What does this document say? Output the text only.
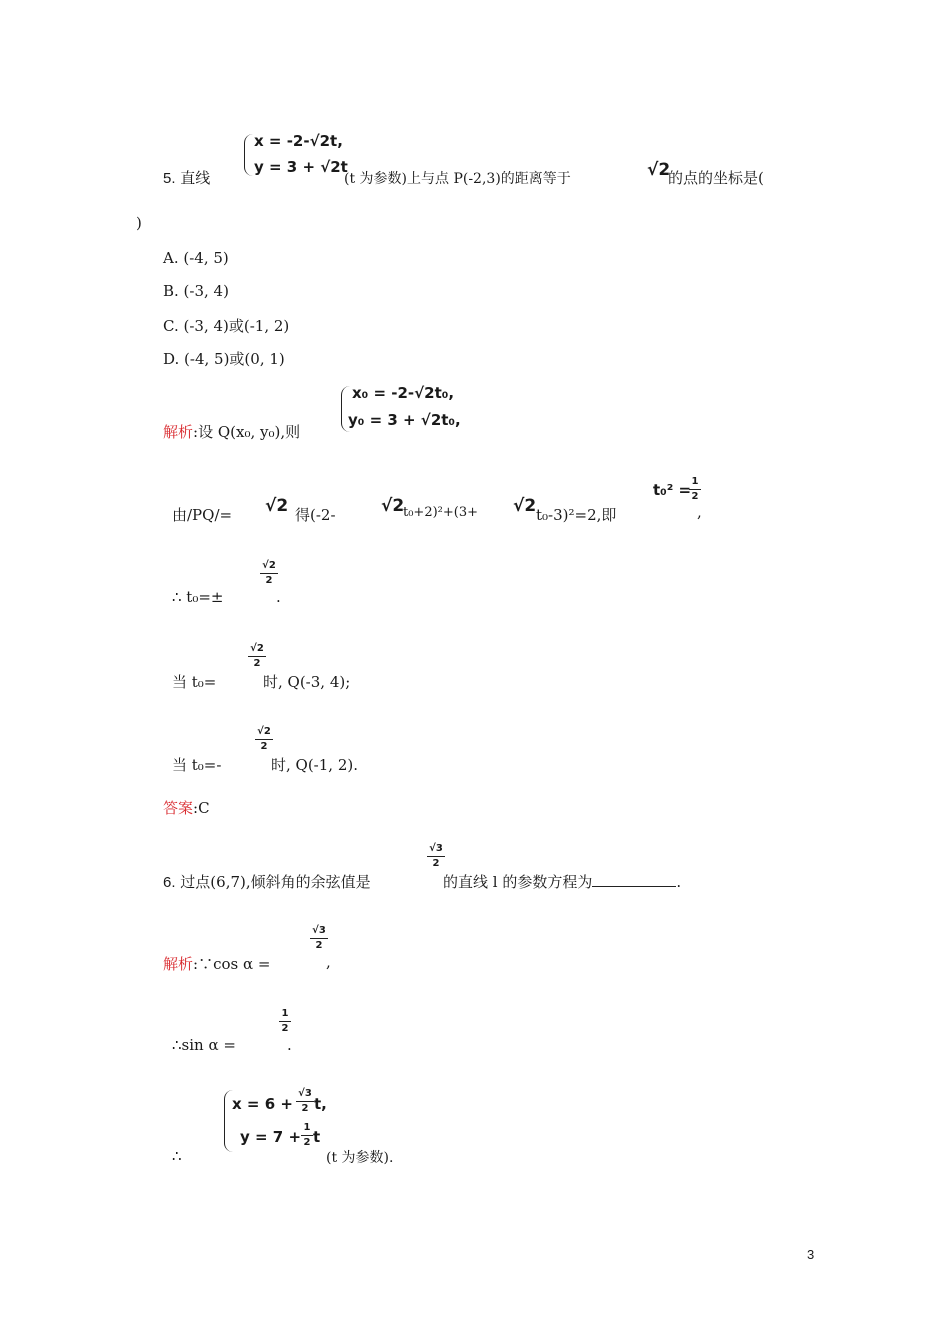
5. 直线
x = -2-√2t,
y = 3 + √2t
(t 为参数)上与点 P(-2,3)的距离等于	√2
的点的坐标是(
)
A. (-4, 5)
B. (-3, 4)
C. (-3, 4)或(-1, 2)
D. (-4, 5)或(0, 1)
解析:设 Q(x₀, y₀),则
x₀ = -2-√2t₀,
y₀ = 3 + √2t₀,
由/PQ/= √2 得(-2-	√2
t₀+2)²+(3+ √2 t₀-3)²=2,即
t₀² = 1
2
,
∴ t₀=±
√2
2
.
当 t₀=
√2
2
时, Q(-3, 4);
当 t₀=-
√2
2
时, Q(-1, 2).
答案:C
6. 过点(6,7),倾斜角的余弦值是
√3
2
的直线 l 的参数方程为	.
解析:∵cos α =
√3
2
,
∴sin α =
1
2
.
∴
x = 6 +
√3
2 t,
y = 7 +
1
2 t
(t 为参数).
3
